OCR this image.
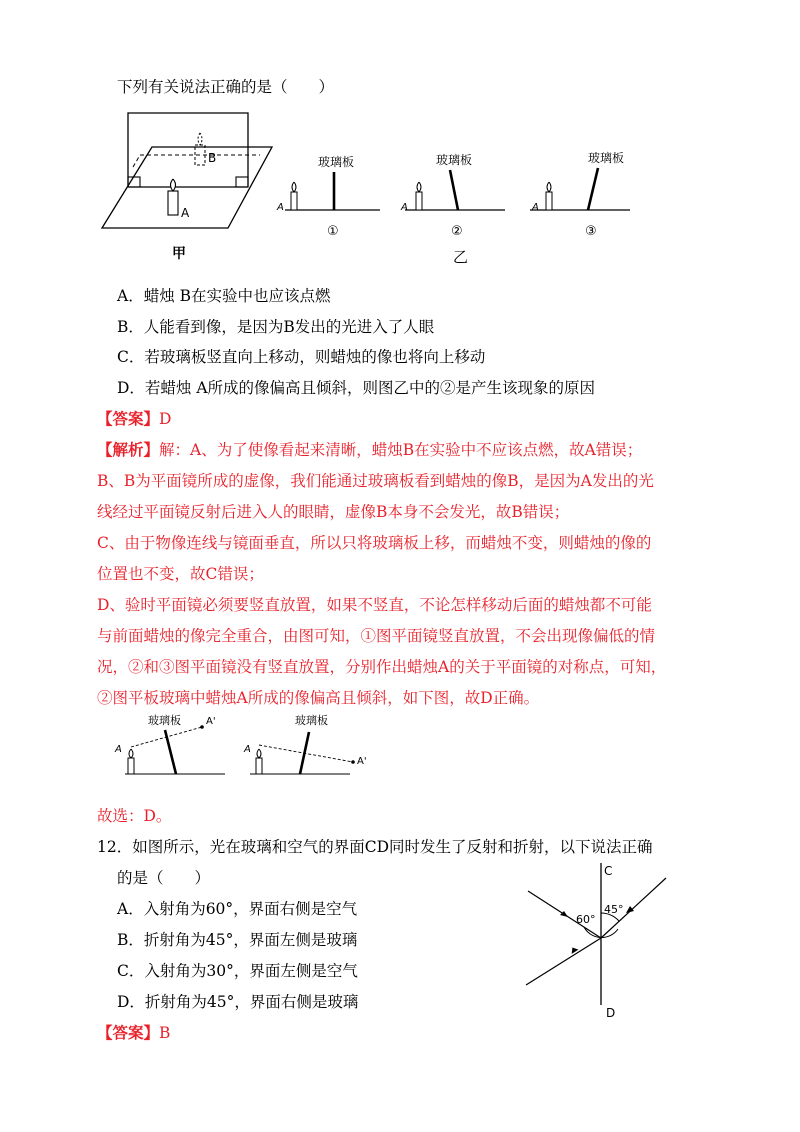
下列有关说法正确的是（　　）
B
A
甲
A
玻璃板
①
A
玻璃板
②
乙
A
玻璃板
③
A．蜡烛 B在实验中也应该点燃
B．人能看到像，是因为B发出的光进入了人眼
C．若玻璃板竖直向上移动，则蜡烛的像也将向上移动
D．若蜡烛 A所成的像偏高且倾斜，则图乙中的②是产生该现象的原因
【答案】D
【解析】解：A、为了使像看起来清晰，蜡烛B在实验中不应该点燃，故A错误；
B、B为平面镜所成的虚像，我们能通过玻璃板看到蜡烛的像B，是因为A发出的光
线经过平面镜反射后进入人的眼睛，虚像B本身不会发光，故B错误；
C、由于物像连线与镜面垂直，所以只将玻璃板上移，而蜡烛不变，则蜡烛的像的
位置也不变，故C错误；
D、验时平面镜必须要竖直放置，如果不竖直，不论怎样移动后面的蜡烛都不可能
与前面蜡烛的像完全重合，由图可知，①图平面镜竖直放置，不会出现像偏低的情
况，②和③图平面镜没有竖直放置，分别作出蜡烛A的关于平面镜的对称点，可知，
②图平板玻璃中蜡烛A所成的像偏高且倾斜，如下图，故D正确。
A
A'
玻璃板
A
A'
玻璃板
故选：D。
12．如图所示，光在玻璃和空气的界面CD同时发生了反射和折射，以下说法正确
的是（　　）
A．入射角为60°，界面右侧是空气
B．折射角为45°，界面左侧是玻璃
C．入射角为30°，界面左侧是空气
D．折射角为45°，界面右侧是玻璃
C
D
60°
45°
【答案】B
